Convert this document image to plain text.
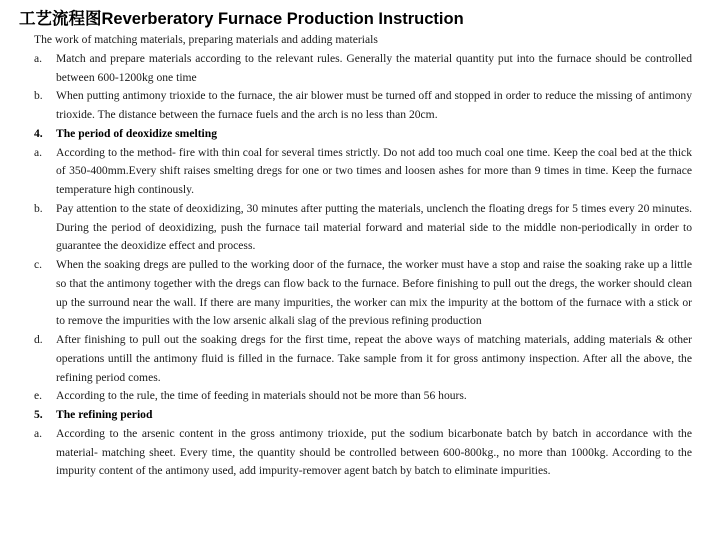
工艺流程图Reverberatory Furnace Production Instruction
The work of matching materials, preparing materials and adding materials
a. Match and prepare materials according to the relevant rules. Generally the material quantity put into the furnace should be controlled between 600-1200kg one time
b. When putting antimony trioxide to the furnace, the air blower must be turned off and stopped in order to reduce the missing of antimony trioxide. The distance between the furnace fuels and the arch is no less than 20cm.
4. The period of deoxidize smelting
a. According to the method- fire with thin coal for several times strictly. Do not add too much coal one time. Keep the coal bed at the thick of 350-400mm.Every shift raises smelting dregs for one or two times and loosen ashes for more than 9 times in time. Keep the furnace temperature high continously.
b. Pay attention to the state of deoxidizing, 30 minutes after putting the materials, unclench the floating dregs for 5 times every 20 minutes. During the period of deoxidizing, push the furnace tail material forward and material side to the middle non-periodically in order to guarantee the deoxidize effect and process.
c. When the soaking dregs are pulled to the working door of the furnace, the worker must have a stop and raise the soaking rake up a little so that the antimony together with the dregs can flow back to the furnace. Before finishing to pull out the dregs, the worker should clean up the surround near the wall. If there are many impurities, the worker can mix the impurity at the bottom of the furnace with a stick or to remove the impurities with the low arsenic alkali slag of the previous refining production
d. After finishing to pull out the soaking dregs for the first time, repeat the above ways of matching materials, adding materials & other operations untill the antimony fluid is filled in the furnace. Take sample from it for gross antimony inspection. After all the above, the refining period comes.
e. According to the rule, the time of feeding in materials should not be more than 56 hours.
5. The refining period
a. According to the arsenic content in the gross antimony trioxide, put the sodium bicarbonate batch by batch in accordance with the material- matching sheet. Every time, the quantity should be controlled between 600-800kg., no more than 1000kg. According to the impurity content of the antimony used, add impurity-remover agent batch by batch to eliminate impurities.
